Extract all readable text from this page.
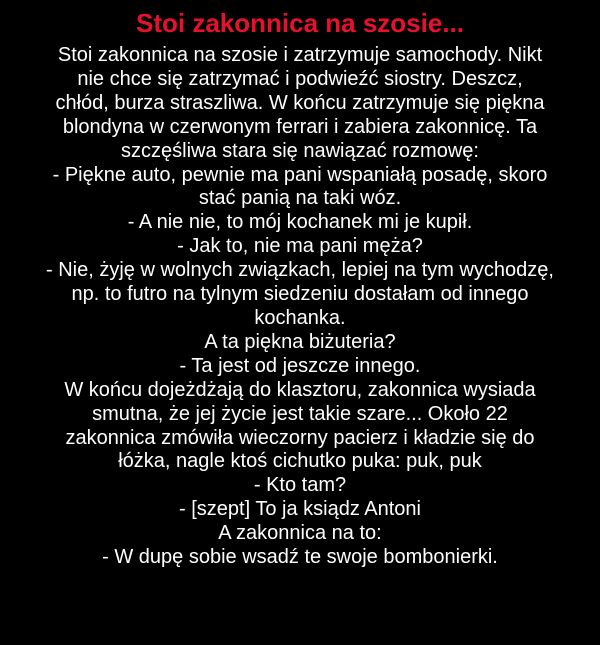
Stoi zakonnica na szosie...
Stoi zakonnica na szosie i zatrzymuje samochody. Nikt
nie chce się zatrzymać i podwieźć siostry. Deszcz,
chłód, burza straszliwa. W końcu zatrzymuje się piękna
blondyna w czerwonym ferrari i zabiera zakonnicę. Ta
szczęśliwa stara się nawiązać rozmowę:
- Piękne auto, pewnie ma pani wspaniałą posadę, skoro
stać panią na taki wóz.
- A nie nie, to mój kochanek mi je kupił.
- Jak to, nie ma pani męża?
- Nie, żyję w wolnych związkach, lepiej na tym wychodzę,
np. to futro na tylnym siedzeniu dostałam od innego
kochanka.
A ta piękna biżuteria?
- Ta jest od jeszcze innego.
W końcu dojeżdżają do klasztoru, zakonnica wysiada
smutna, że jej życie jest takie szare... Około 22
zakonnica zmówiła wieczorny pacierz i kładzie się do
łóżka, nagle ktoś cichutko puka: puk, puk
- Kto tam?
- [szept] To ja ksiądz Antoni
A zakonnica na to:
- W dupę sobie wsadź te swoje bombonierki.
